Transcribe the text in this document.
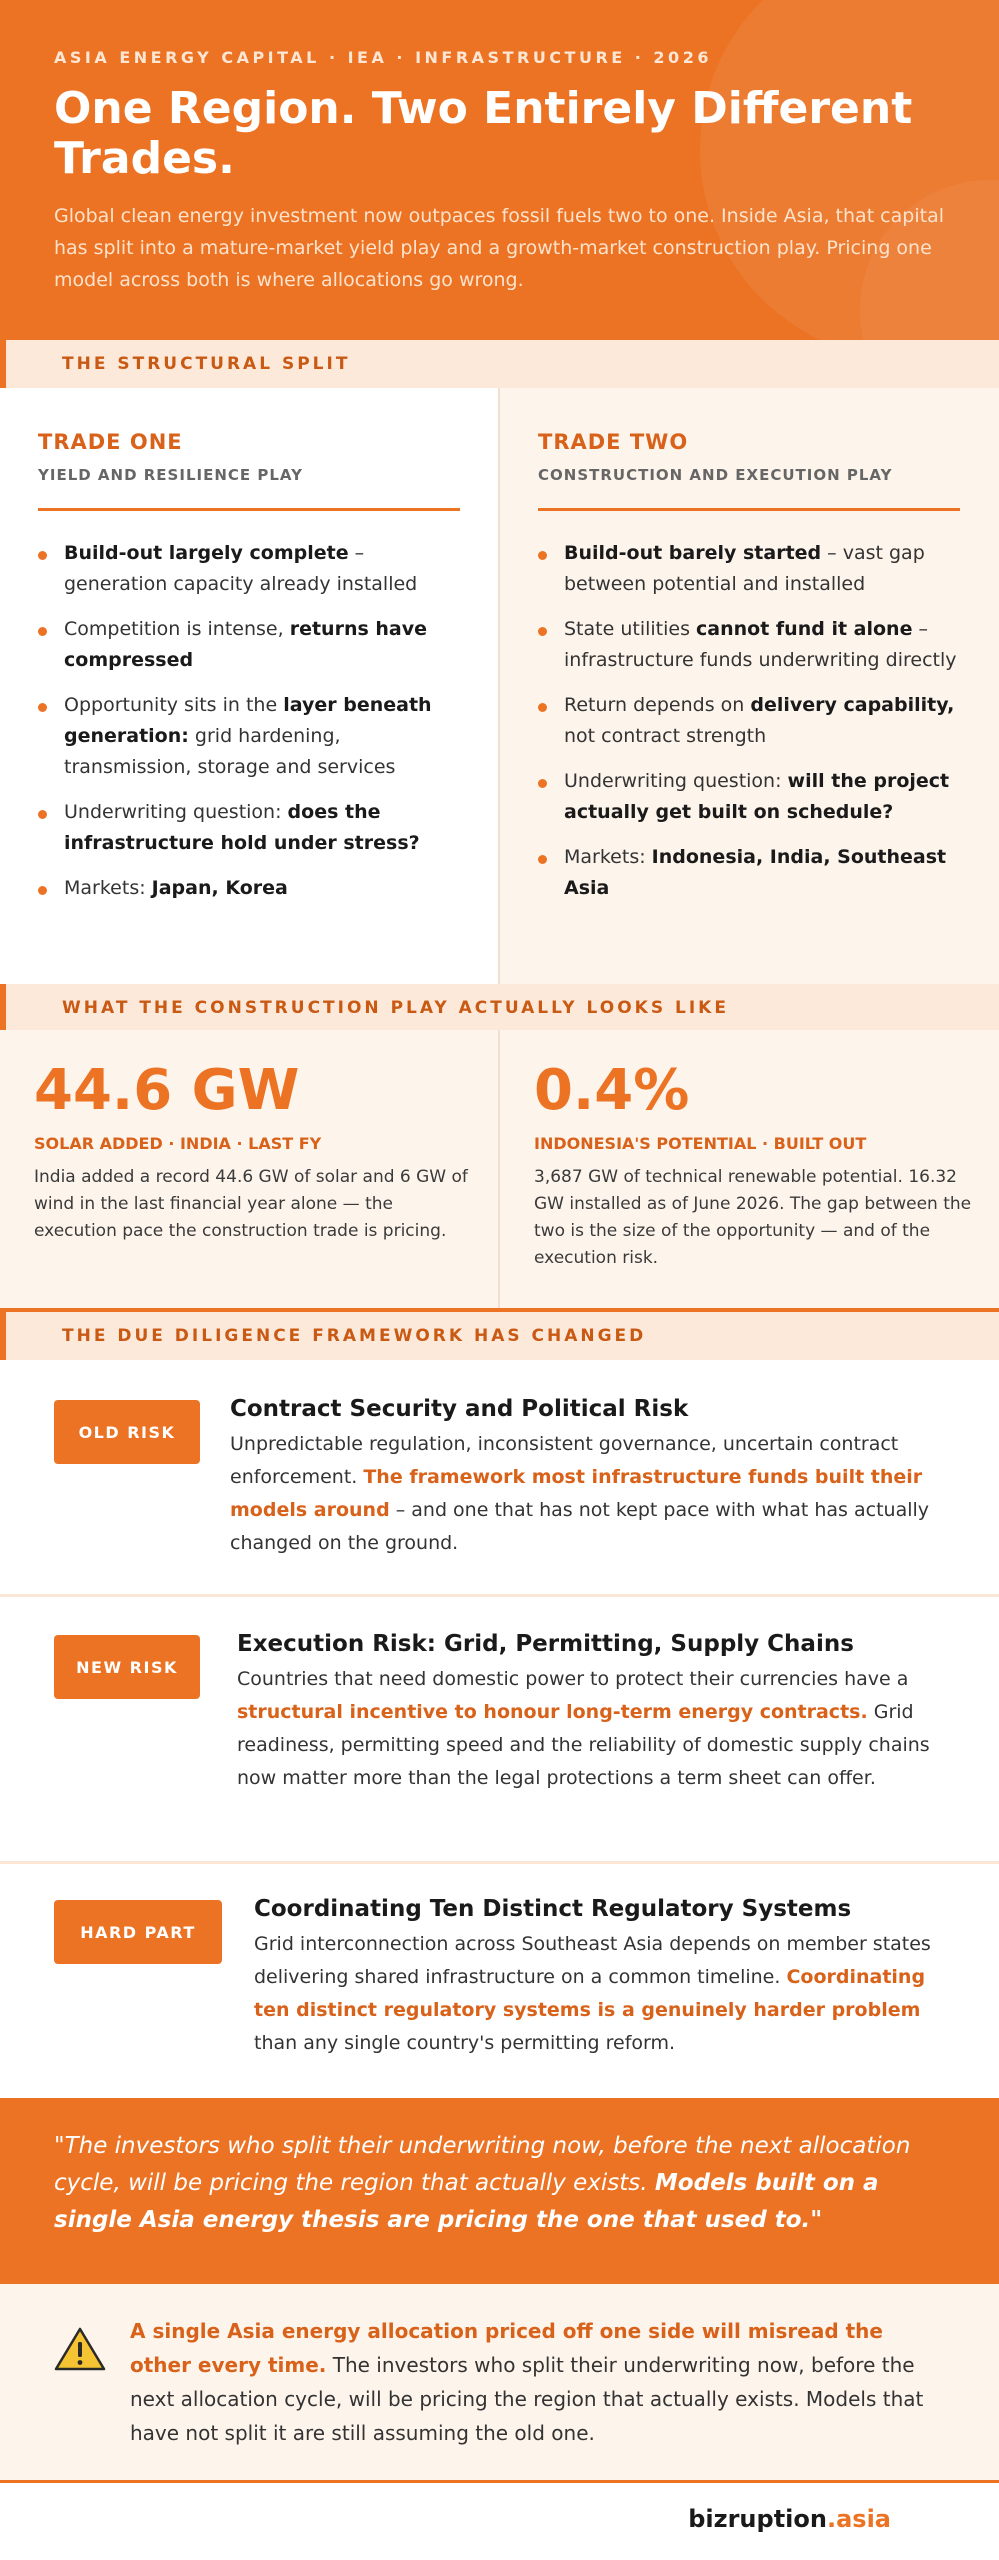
ASIA ENERGY CAPITAL · IEA · INFRASTRUCTURE · 2026
One Region. Two Entirely Different Trades.

Global clean energy investment now outpaces fossil fuels two to one. Inside Asia, that capital has split into a mature-market yield play and a growth-market construction play. Pricing one model across both is where allocations go wrong.

THE STRUCTURAL SPLIT
TRADE ONE
YIELD AND RESILIENCE PLAY
Build-out largely complete – generation capacity already installed
Competition is intense, returns have compressed
Opportunity sits in the layer beneath generation: grid hardening, transmission, storage and services
Underwriting question: does the infrastructure hold under stress?
Markets: Japan, Korea
TRADE TWO
CONSTRUCTION AND EXECUTION PLAY
Build-out barely started – vast gap between potential and installed
State utilities cannot fund it alone – infrastructure funds underwriting directly
Return depends on delivery capability, not contract strength
Underwriting question: will the project actually get built on schedule?
Markets: Indonesia, India, Southeast Asia
WHAT THE CONSTRUCTION PLAY ACTUALLY LOOKS LIKE
44.6 GW
SOLAR ADDED · INDIA · LAST FY
India added a record 44.6 GW of solar and 6 GW of wind in the last financial year alone — the execution pace the construction trade is pricing.
0.4%
INDONESIA'S POTENTIAL · BUILT OUT
3,687 GW of technical renewable potential. 16.32 GW installed as of June 2026. The gap between the two is the size of the opportunity — and of the execution risk.
THE DUE DILIGENCE FRAMEWORK HAS CHANGED
OLD RISK
Contract Security and Political Risk
Unpredictable regulation, inconsistent governance, uncertain contract enforcement. The framework most infrastructure funds built their models around – and one that has not kept pace with what has actually changed on the ground.
NEW RISK
Execution Risk: Grid, Permitting, Supply Chains
Countries that need domestic power to protect their currencies have a structural incentive to honour long-term energy contracts. Grid readiness, permitting speed and the reliability of domestic supply chains now matter more than the legal protections a term sheet can offer.
HARD PART
Coordinating Ten Distinct Regulatory Systems
Grid interconnection across Southeast Asia depends on member states delivering shared infrastructure on a common timeline. Coordinating ten distinct regulatory systems is a genuinely harder problem than any single country's permitting reform.

"The investors who split their underwriting now, before the next allocation cycle, will be pricing the region that actually exists. Models built on a single Asia energy thesis are pricing the one that used to."

A single Asia energy allocation priced off one side will misread the other every time. The investors who split their underwriting now, before the next allocation cycle, will be pricing the region that actually exists. Models that have not split it are still assuming the old one.

bizruption.asia
